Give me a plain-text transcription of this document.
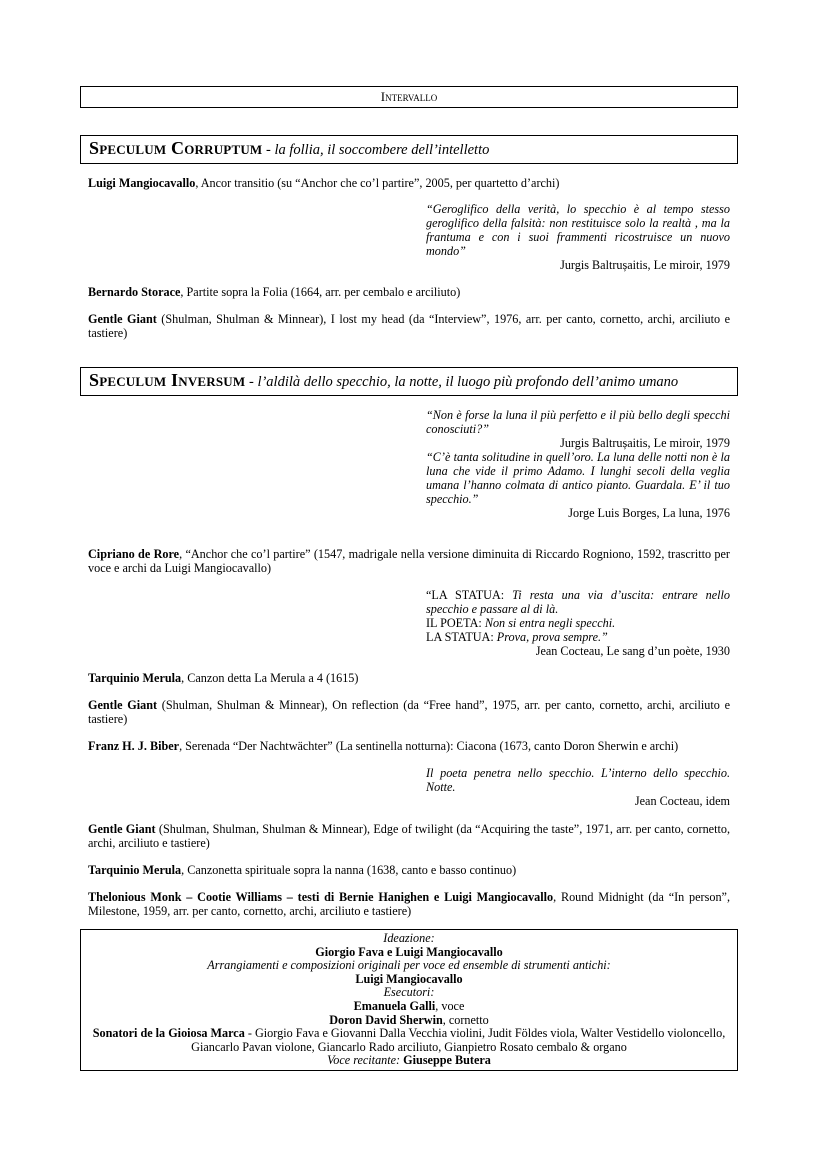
Intervallo
Speculum Corruptum - la follia, il soccombere dell’intelletto
Luigi Mangiocavallo, Ancor transitio (su “Anchor che co’l partire”, 2005, per quartetto d’archi)
“Geroglifico della verità, lo specchio è al tempo stesso geroglifico della falsità: non restituisce solo la realtà , ma la frantuma e con i suoi frammenti ricostruisce un nuovo mondo”
Jurgis Baltrușaitis, Le miroir, 1979
Bernardo Storace, Partite sopra la Folia (1664, arr. per cembalo e arciliuto)
Gentle Giant (Shulman, Shulman & Minnear), I lost my head (da “Interview”, 1976, arr. per canto, cornetto, archi, arciliuto e tastiere)
Speculum Inversum - l’aldilà dello specchio, la notte, il luogo più profondo dell’animo umano
“Non è forse la luna il più perfetto e il più bello degli specchi conosciuti?”
Jurgis Baltrușaitis, Le miroir, 1979
“C’è tanta solitudine in quell’oro. La luna delle notti non è la luna che vide il primo Adamo. I lunghi secoli della veglia umana l’hanno colmata di antico pianto. Guardala. E’ il tuo specchio.”
Jorge Luis Borges, La luna, 1976
Cipriano de Rore, “Anchor che co’l partire” (1547, madrigale nella versione diminuita di Riccardo Rogniono, 1592, trascritto per voce e archi da Luigi Mangiocavallo)
“LA STATUA: Ti resta una via d’uscita: entrare nello specchio e passare al di là.
IL POETA: Non si entra negli specchi.
LA STATUA: Prova, prova sempre.”
Jean Cocteau, Le sang d’un poète, 1930
Tarquinio Merula, Canzon detta La Merula a 4 (1615)
Gentle Giant (Shulman, Shulman & Minnear), On reflection (da “Free hand”, 1975, arr. per canto, cornetto, archi, arciliuto e tastiere)
Franz H. J. Biber, Serenada “Der Nachtwächter” (La sentinella notturna): Ciacona (1673, canto Doron Sherwin e archi)
Il poeta penetra nello specchio. L’interno dello specchio. Notte.
Jean Cocteau, idem
Gentle Giant (Shulman, Shulman, Shulman & Minnear), Edge of twilight (da “Acquiring the taste”, 1971, arr. per canto, cornetto, archi, arciliuto e tastiere)
Tarquinio Merula, Canzonetta spirituale sopra la nanna (1638, canto e basso continuo)
Thelonious Monk – Cootie Williams – testi di Bernie Hanighen e Luigi Mangiocavallo, Round Midnight (da “In person”, Milestone, 1959, arr. per canto, cornetto, archi, arciliuto e tastiere)
Ideazione:
Giorgio Fava e Luigi Mangiocavallo
Arrangiamenti e composizioni originali per voce ed ensemble di strumenti antichi:
Luigi Mangiocavallo
Esecutori:
Emanuela Galli, voce
Doron David Sherwin, cornetto
Sonatori de la Gioiosa Marca - Giorgio Fava e Giovanni Dalla Vecchia violini, Judit Földes viola, Walter Vestidello violoncello, Giancarlo Pavan violone, Giancarlo Rado arciliuto, Gianpietro Rosato cembalo & organo
Voce recitante: Giuseppe Butera
